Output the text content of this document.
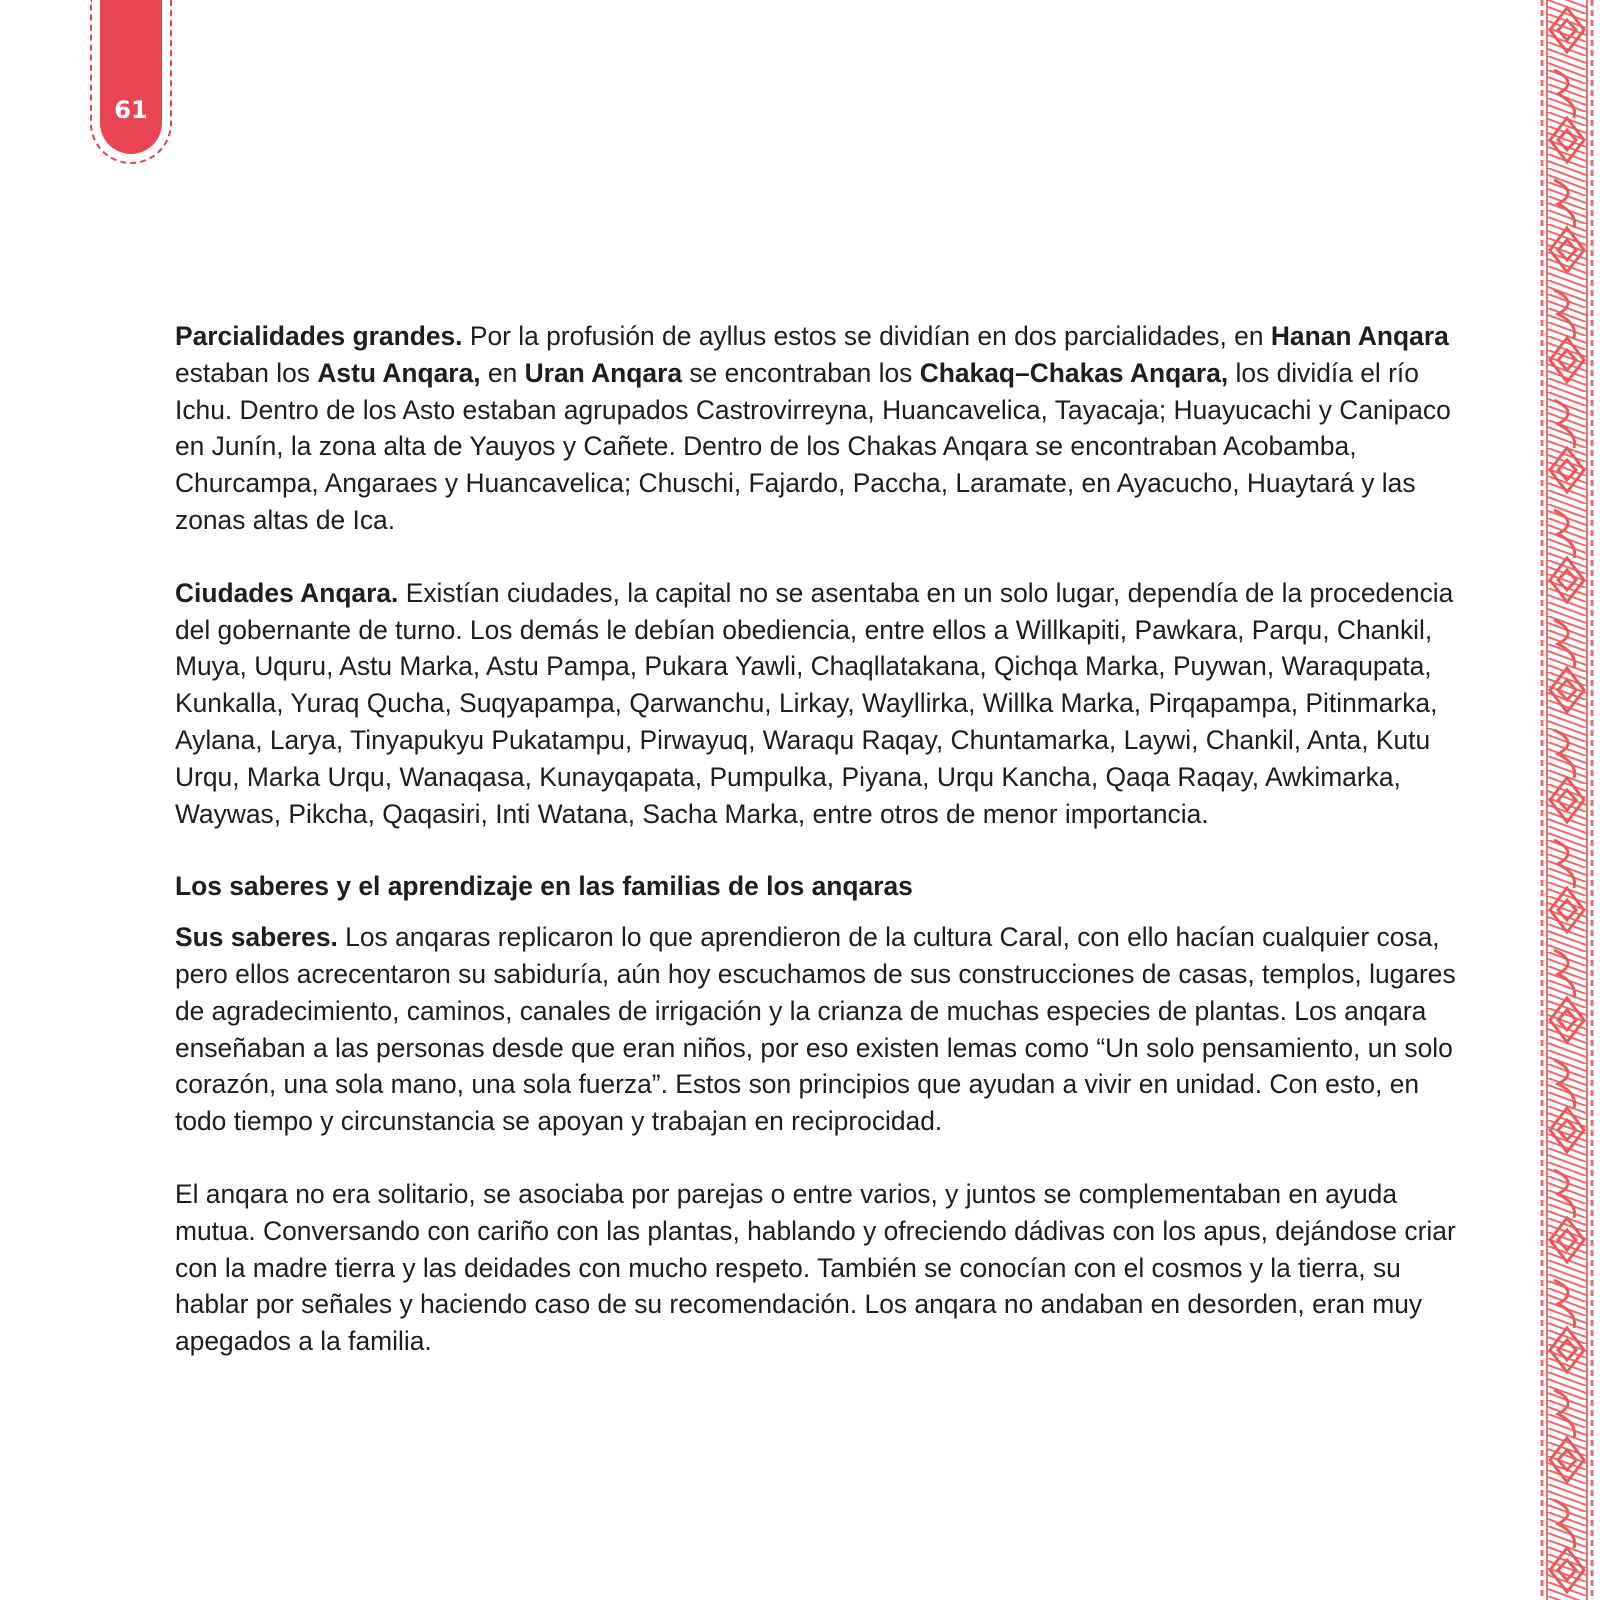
61

Parcialidades grandes. Por la profusión de ayllus estos se dividían en dos parcialidades, en Hanan Anqara estaban los Astu Anqara, en Uran Anqara se encontraban los Chakaq–Chakas Anqara, los dividía el río Ichu. Dentro de los Asto estaban agrupados Castrovirreyna, Huancavelica, Tayacaja; Huayucachi y Canipaco en Junín, la zona alta de Yauyos y Cañete. Dentro de los Chakas Anqara se encontraban Acobamba, Churcampa, Angaraes y Huancavelica; Chuschi, Fajardo, Paccha, Laramate, en Ayacucho, Huaytará y las zonas altas de Ica.

Ciudades Anqara. Existían ciudades, la capital no se asentaba en un solo lugar, dependía de la procedencia del gobernante de turno. Los demás le debían obediencia, entre ellos a Willkapiti, Pawkara, Parqu, Chankil, Muya, Uquru, Astu Marka, Astu Pampa, Pukara Yawli, Chaqllatakana, Qichqa Marka, Puywan, Waraqupata, Kunkalla, Yuraq Qucha, Suqyapampa, Qarwanchu, Lirkay, Wayllirka, Willka Marka, Pirqapampa, Pitinmarka, Aylana, Larya, Tinyapukyu Pukatampu, Pirwayuq, Waraqu Raqay, Chuntamarka, Laywi, Chankil, Anta, Kutu Urqu, Marka Urqu, Wanaqasa, Kunayqapata, Pumpulka, Piyana, Urqu Kancha, Qaqa Raqay, Awkimarka, Waywas, Pikcha, Qaqasiri, Inti Watana, Sacha Marka, entre otros de menor importancia.

Los saberes y el aprendizaje en las familias de los anqaras

Sus saberes. Los anqaras replicaron lo que aprendieron de la cultura Caral, con ello hacían cualquier cosa, pero ellos acrecentaron su sabiduría, aún hoy escuchamos de sus construcciones de casas, templos, lugares de agradecimiento, caminos, canales de irrigación y la crianza de muchas especies de plantas. Los anqara enseñaban a las personas desde que eran niños, por eso existen lemas como “Un solo pensamiento, un solo corazón, una sola mano, una sola fuerza”. Estos son principios que ayudan a vivir en unidad. Con esto, en todo tiempo y circunstancia se apoyan y trabajan en reciprocidad.

El anqara no era solitario, se asociaba por parejas o entre varios, y juntos se complementaban en ayuda mutua. Conversando con cariño con las plantas, hablando y ofreciendo dádivas con los apus, dejándose criar con la madre tierra y las deidades con mucho respeto. También se conocían con el cosmos y la tierra, su hablar por señales y haciendo caso de su recomendación. Los anqara no andaban en desorden, eran muy apegados a la familia.
